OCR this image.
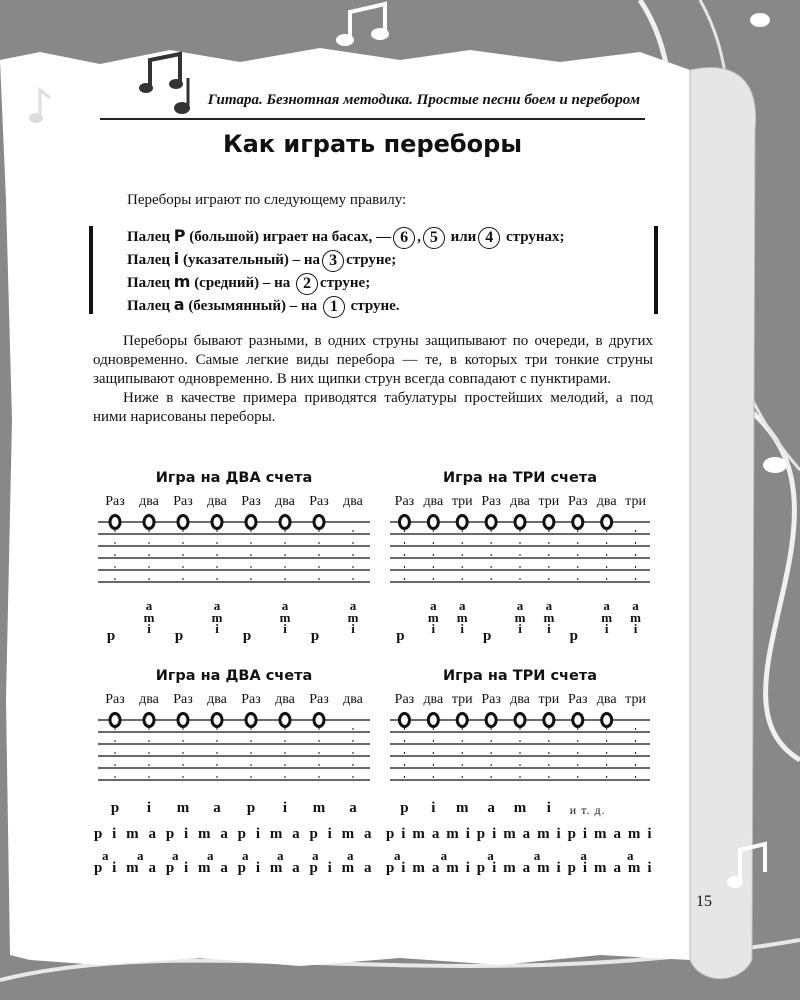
Гитара. Безнотная методика. Простые песни боем и перебором
Как играть переборы
Переборы играют по следующему правилу:
Палец P (большой) играет на басах, — 6 , 5 или 4 струнах;
Палец i (указательный) – на 3 струне;
Палец m (средний) – на 2 струне;
Палец a (безымянный) – на 1 струне.

Переборы бывают разными, в одних струны защипывают по очереди, в других одновременно. Самые легкие виды перебора — те, в которых три тонкие струны защипывают одновременно. В них щипки струн всегда совпадают с пунктирами.

Ниже в качестве примера приводятся табулатуры простейших мелодий, а под ними нарисованы переборы.

Игра на ДВА счета
Раз	два	Раз	два	Раз	два	Раз	два
p
a
m
i	p
a
m
i	p
a
m
i	p
a
m
i
Игра на ТРИ счета
Раз два три Раз два три Раз два три
p
a
m
i
a
m
i	p
a
m
i
a
m
i	p
a
m
i
a
m
i
Игра на ДВА счета
Раз	два	Раз	два	Раз	два	Раз	два
p	i	m a p	i	m a
p i m a p i m a p i m a p i m a
a a a a a a a a
p i m a p i m a p i m a p i m a
Игра на ТРИ счета
Раз два три Раз два три Раз два три
p	i	m a m	i	и т. д.
p i m a m i p i m a m i p i m a m i
a a a a a a
p i m a m i p i m a m i p i m a m i
15
